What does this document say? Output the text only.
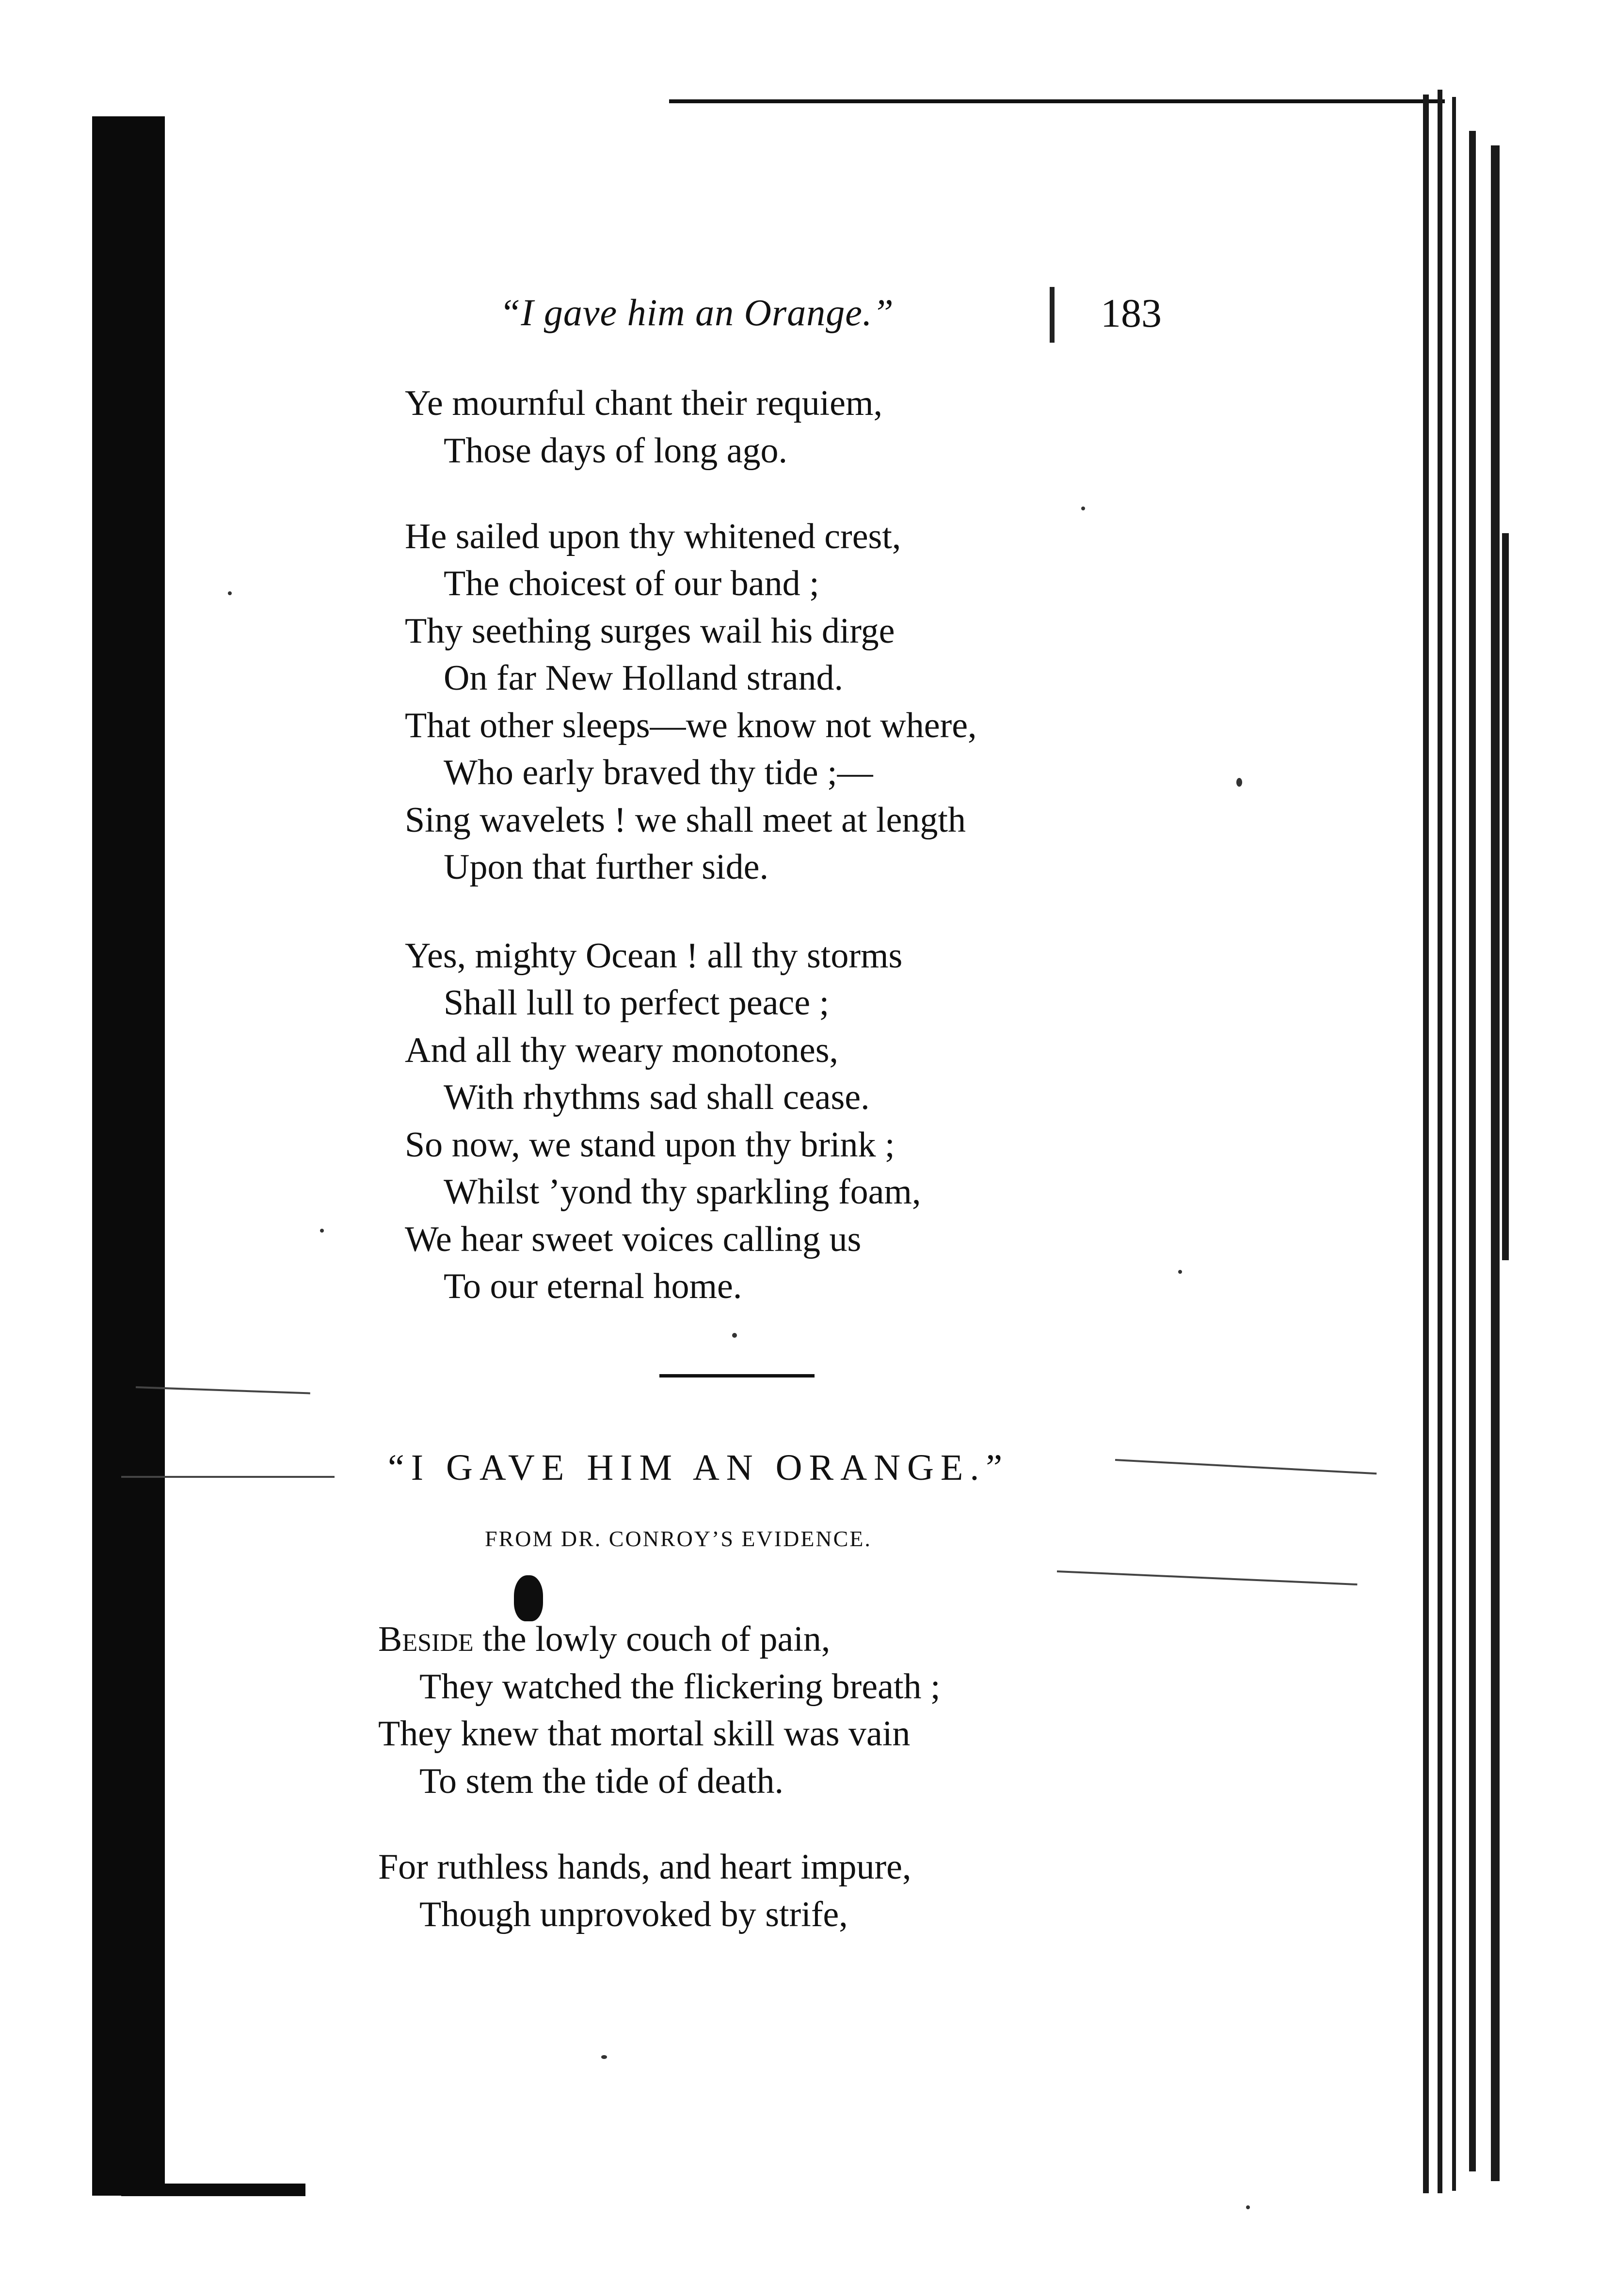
“I gave him an Orange.”	183
Ye mournful chant their requiem,
Those days of long ago.
He sailed upon thy whitened crest,
The choicest of our band ;
Thy seething surges wail his dirge
On far New Holland strand.
That other sleeps—we know not where,
Who early braved thy tide ;—
Sing wavelets ! we shall meet at length
Upon that further side.
Yes, mighty Ocean ! all thy storms
Shall lull to perfect peace ;
And all thy weary monotones,
With rhythms sad shall cease.
So now, we stand upon thy brink ;
Whilst ’yond thy sparkling foam,
We hear sweet voices calling us
To our eternal home.
“I GAVE HIM AN ORANGE.”
FROM DR. CONROY’S EVIDENCE.
Beside the lowly couch of pain,
They watched the flickering breath ;
They knew that mortal skill was vain
To stem the tide of death.
For ruthless hands, and heart impure,
Though unprovoked by strife,
